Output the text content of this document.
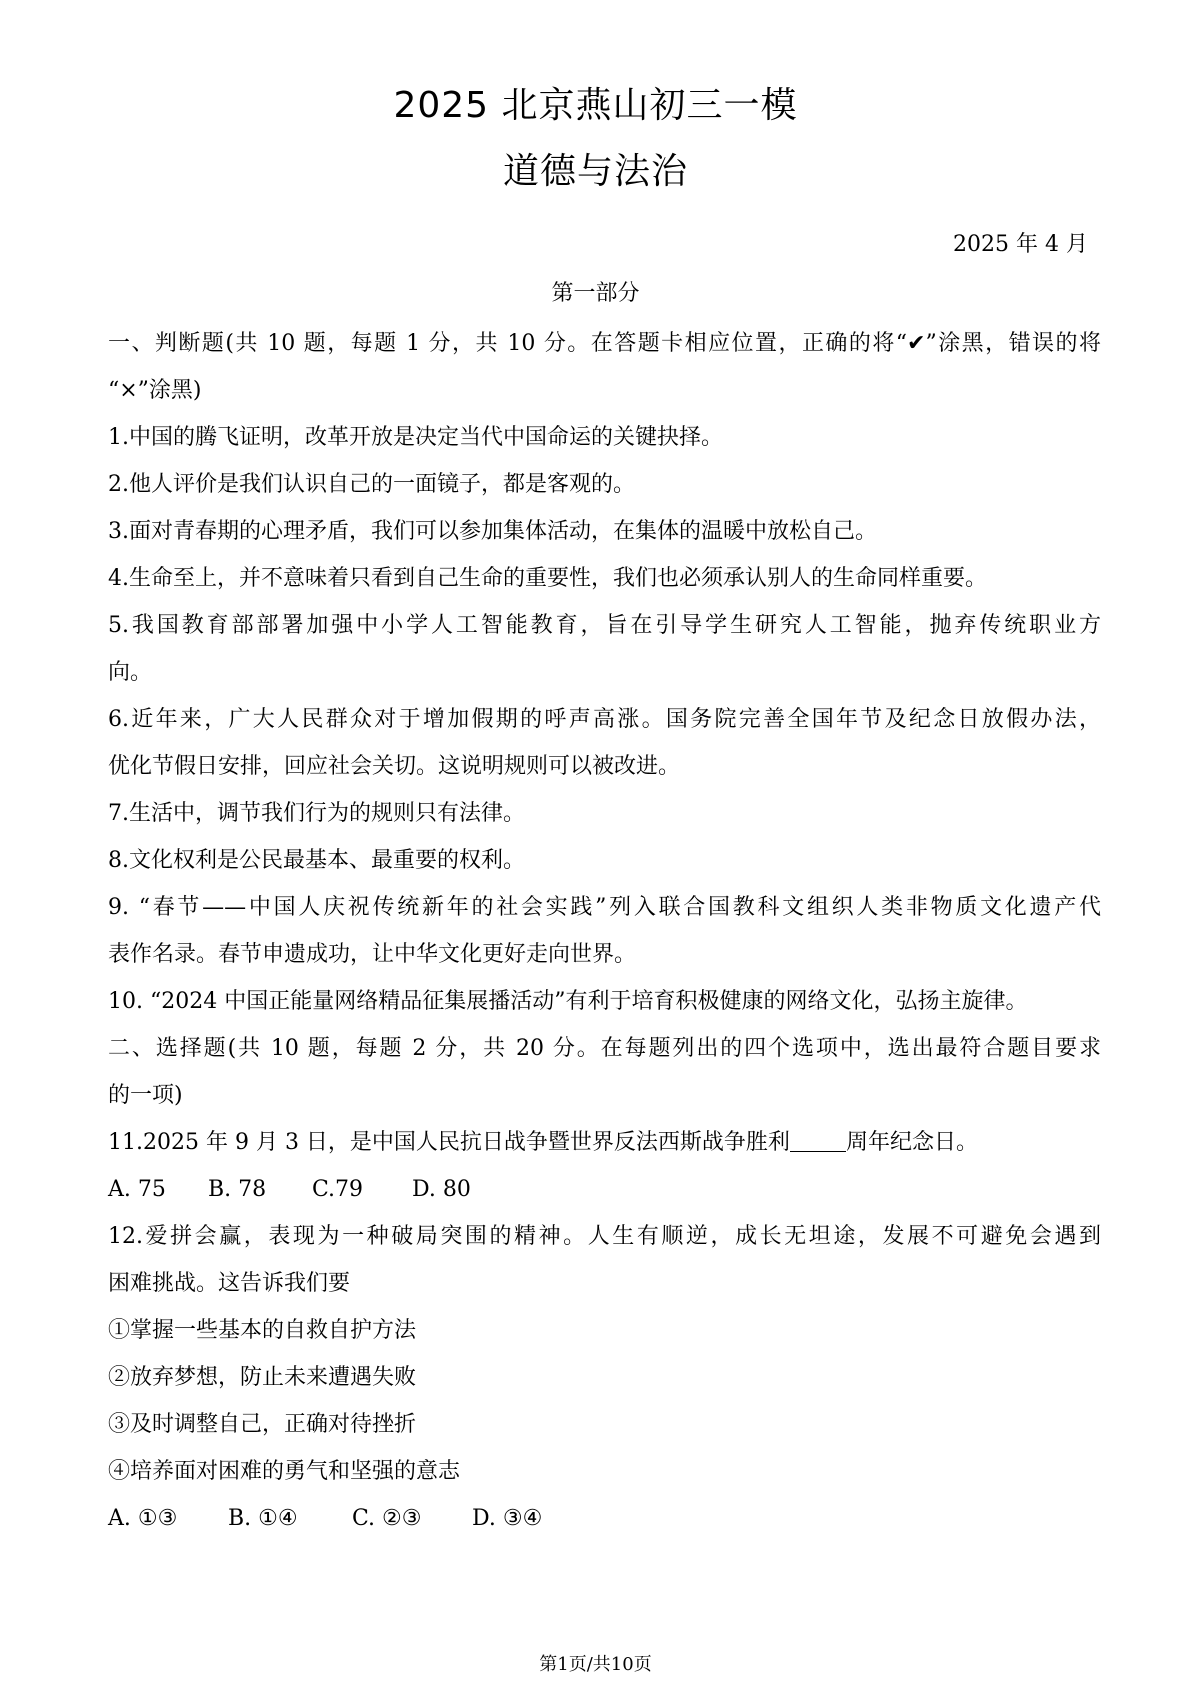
2025 北京燕山初三一模
道德与法治
2025 年 4 月
第一部分
一、判断题(共 10 题，每题 1 分，共 10 分。在答题卡相应位置，正确的将“✔”涂黑，错误的将
“×”涂黑)
1.中国的腾飞证明，改革开放是决定当代中国命运的关键抉择。
2.他人评价是我们认识自己的一面镜子，都是客观的。
3.面对青春期的心理矛盾，我们可以参加集体活动，在集体的温暖中放松自己。
4.生命至上，并不意味着只看到自己生命的重要性，我们也必须承认别人的生命同样重要。
5.我国教育部部署加强中小学人工智能教育，旨在引导学生研究人工智能，抛弃传统职业方
向。
6.近年来，广大人民群众对于增加假期的呼声高涨。国务院完善全国年节及纪念日放假办法，
优化节假日安排，回应社会关切。这说明规则可以被改进。
7.生活中，调节我们行为的规则只有法律。
8.文化权利是公民最基本、最重要的权利。
9. “春节——中国人庆祝传统新年的社会实践”列入联合国教科文组织人类非物质文化遗产代
表作名录。春节申遗成功，让中华文化更好走向世界。
10. “2024 中国正能量网络精品征集展播活动”有利于培育积极健康的网络文化，弘扬主旋律。
二、选择题(共 10 题，每题 2 分，共 20 分。在每题列出的四个选项中，选出最符合题目要求
的一项)
11.2025 年 9 月 3 日，是中国人民抗日战争暨世界反法西斯战争胜利	周年纪念日。
A. 75 B. 78 C.79 D. 80
12.爱拼会赢，表现为一种破局突围的精神。人生有顺逆，成长无坦途，发展不可避免会遇到
困难挑战。这告诉我们要
①掌握一些基本的自救自护方法
②放弃梦想，防止未来遭遇失败
③及时调整自己，正确对待挫折
④培养面对困难的勇气和坚强的意志
A. ①③ B. ①④ C. ②③ D. ③④
第1页/共10页
